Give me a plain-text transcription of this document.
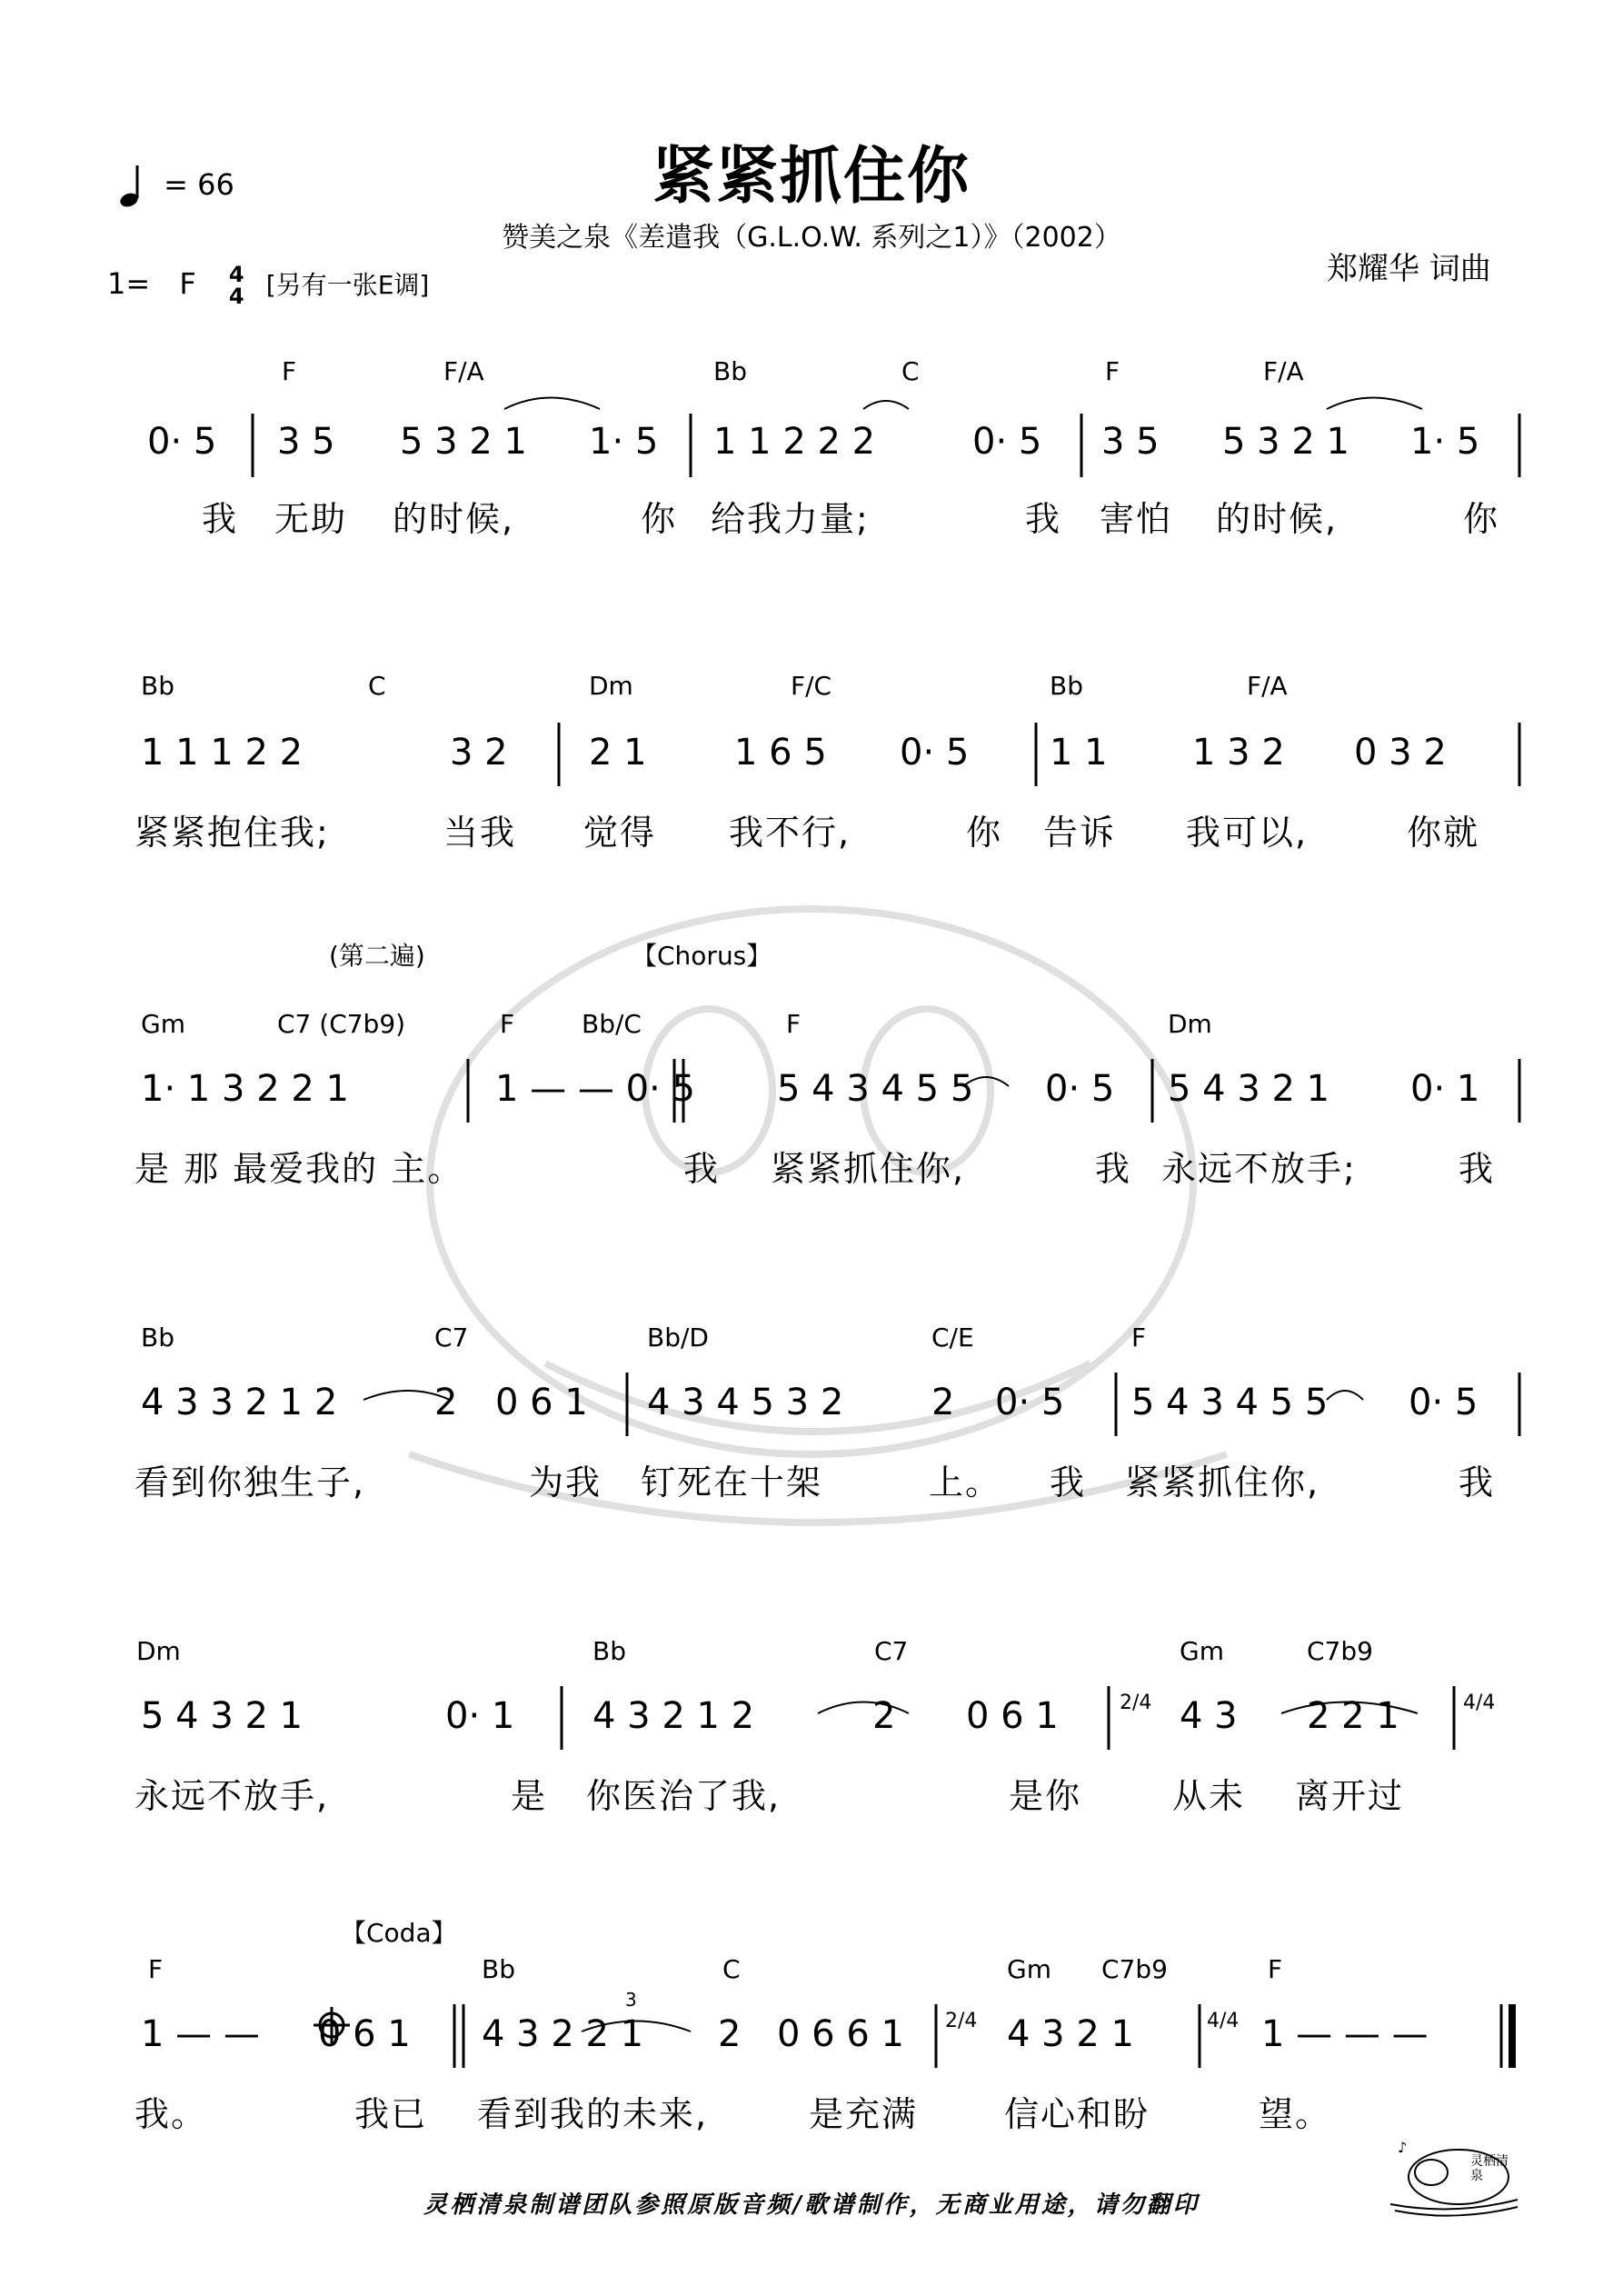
= 66	紧紧抓住你
赞美之泉《差遣我（G.L.O.W. 系列之1）》（2002）
1= F 4
4 [另有一张E调]	郑耀华 词曲
F	F/A	Bb	C	F	F/A
Bb	C	Dm	F/C	Bb	F/A
(第二遍)	【Chorus】
Gm	C7 (C7b9)	F	Bb/C	F	Dm
Bb	C7	Bb/D	C/E	F
Dm	Bb	C7	Gm	C7b9
【Coda】
F	Bb	C	Gm C7b9	F
3
0· 5 3 5 5 3 2 1 1· 5 1 1 2 2 2	0· 5 3 5 5 3 2 1 1· 5
1 1 1 2 2	3 2 2 1 1 6 5 0· 5 1 1 1 3 2 0 3 2
1· 1 3 2 2 1	1 — — 0· 5 5 4 3 4 5 5 0· 5 5 4 3 2 1 0· 1
4 3 3 2 1 2	2 0 6 1 4 3 4 5 3 2 2 0· 5 5 4 3 4 5 5 0· 5
5 4 3 2 1	0· 1 4 3 2 1 2	2 0 6 1	2/4 4 3 2 2 1	4/4
1 — — 0 6 1 4 3 2 2 1 2 0 6 6 1 2/4 4 3 2 1	4/4 1 — — —
我 无助 的时候,	你 给我力量;	我 害怕 的时候,	你
紧紧抱住我;	当我 觉得 我不行,	你 告诉 我可以,	你就
是 那 最爱我的 主。	我 紧紧抓住你,	我 永远不放手;	我
看到你独生子,	为我 钉死在十架	上。 我 紧紧抓住你,	我
永远不放手,	是 你医治了我,	是你	从未 离开过
我。	我已 看到我的未来,	是充满 信心和盼	望。
灵栖清泉制谱团队参照原版音频/歌谱制作，无商业用途，请勿翻印
♪
灵栖清泉
